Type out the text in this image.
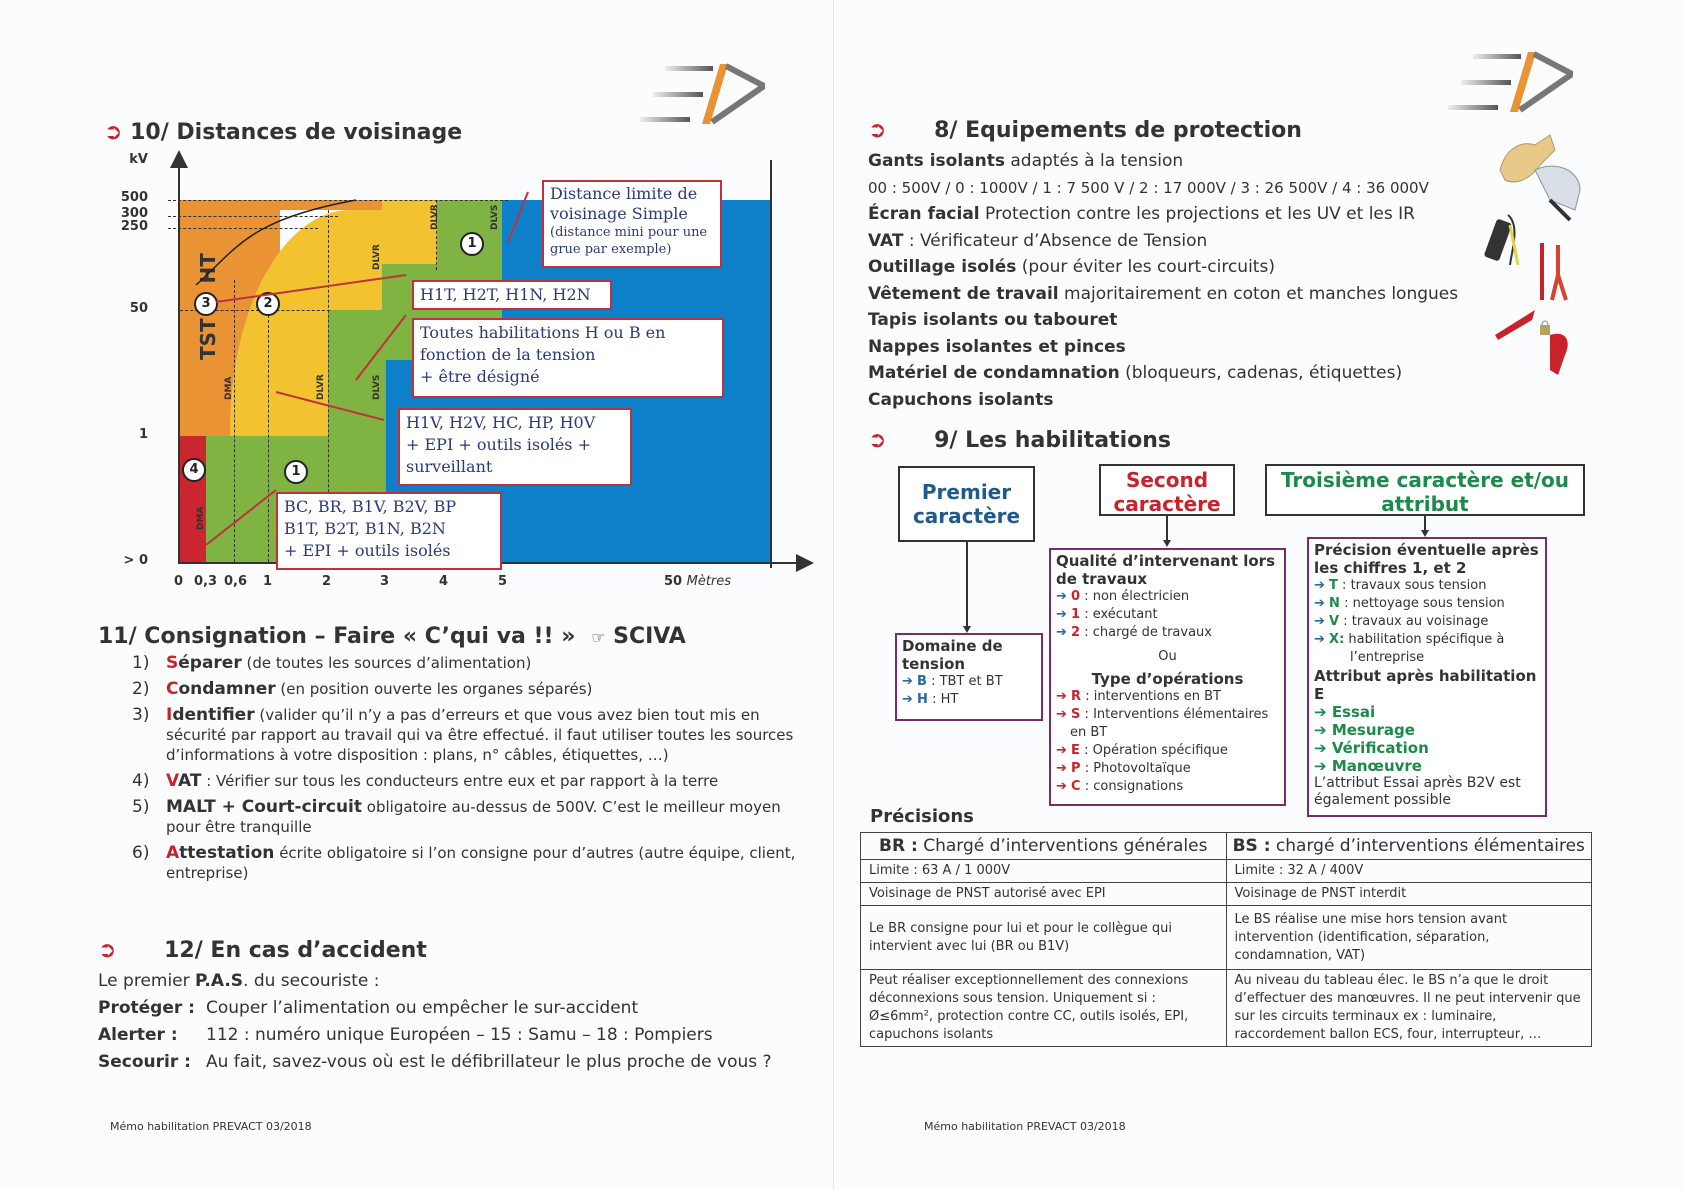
➲ 10/ Distances de voisinage
kV
500
300
250
50
1
> 0
0 0,3 0,6 1	2	3	4	5	50 Mètres
DMA
DMA
DLVR	DLVS
DLVR
DLVR	DLVS
TST     HT
3	2
1
4	1
Distance limite de voisinage Simple
(distance mini pour une grue par exemple)
H1T, H2T, H1N, H2N
Toutes habilitations H ou B en
fonction de la tension
+ être désigné
H1V, H2V, HC, HP, H0V
+ EPI + outils isolés +
surveillant
BC, BR, B1V, B2V, BP
B1T, B2T, B1N, B2N
+ EPI + outils isolés
11/ Consignation – Faire « C’qui va !! » ☞ SCIVA
1) Séparer (de toutes les sources d’alimentation)
2) Condamner (en position ouverte les organes séparés)
3) Identifier (valider qu’il n’y a pas d’erreurs et que vous avez bien tout mis en sécurité par rapport au travail qui va être effectué. il faut utiliser toutes les sources d’informations à votre disposition : plans, n° câbles, étiquettes, …)
4) VAT : Vérifier sur tous les conducteurs entre eux et par rapport à la terre
5) MALT + Court-circuit obligatoire au-dessus de 500V. C’est le meilleur moyen pour être tranquille
6) Attestation écrite obligatoire si l’on consigne pour d’autres (autre équipe, client, entreprise)
➲ 12/ En cas d’accident
Le premier P.A.S. du secouriste :
Protéger : Couper l’alimentation ou empêcher le sur-accident
Alerter :	112 : numéro unique Européen – 15 : Samu – 18 : Pompiers
Secourir : Au fait, savez-vous où est le défibrillateur le plus proche de vous ?
Mémo habilitation PREVACT 03/2018	Mémo habilitation PREVACT 03/2018
➲ 8/ Equipements de protection
Gants isolants adaptés à la tension
00 : 500V / 0 : 1000V / 1 : 7 500 V / 2 : 17 000V / 3 : 26 500V / 4 : 36 000V
Écran facial Protection contre les projections et les UV et les IR
VAT : Vérificateur d’Absence de Tension
Outillage isolés (pour éviter les court-circuits)
Vêtement de travail majoritairement en coton et manches longues
Tapis isolants ou tabouret
Nappes isolantes et pinces
Matériel de condamnation (bloqueurs, cadenas, étiquettes)
Capuchons isolants
➲ 9/ Les habilitations
Premier caractère
Second caractère
Troisième caractère et/ou attribut
Domaine de tension
➔ B : TBT et BT
➔ H : HT
Qualité d’intervenant lors de travaux
➔ 0 : non électricien
➔ 1 : exécutant
➔ 2 : chargé de travaux
Ou
Type d’opérations
➔ R : interventions en BT
➔ S : Interventions élémentaires en BT
➔ E : Opération spécifique
➔ P : Photovoltaïque
➔ C : consignations
Précision éventuelle après les chiffres 1, et 2
➔ T : travaux sous tension
➔ N : nettoyage sous tension
➔ V : travaux au voisinage
➔ X: habilitation spécifique à l’entreprise
Attribut après habilitation E
➔ Essai
➔ Mesurage
➔ Vérification
➔ Manœuvre
L’attribut Essai après B2V est également possible
Précisions
BR : Chargé d’interventions générales	BS : chargé d’interventions élémentaires
Limite : 63 A / 1 000V	Limite : 32 A / 400V
Voisinage de PNST autorisé avec EPI	Voisinage de PNST interdit
Le BR consigne pour lui et pour le collègue qui intervient avec lui (BR ou B1V)	Le BS réalise une mise hors tension avant intervention (identification, séparation, condamnation, VAT)
Peut réaliser exceptionnellement des connexions déconnexions sous tension. Uniquement si : Ø≤6mm², protection contre CC, outils isolés, EPI, capuchons isolants	Au niveau du tableau élec. le BS n’a que le droit d’effectuer des manœuvres. Il ne peut intervenir que sur les circuits terminaux ex : luminaire, raccordement ballon ECS, four, interrupteur, …
